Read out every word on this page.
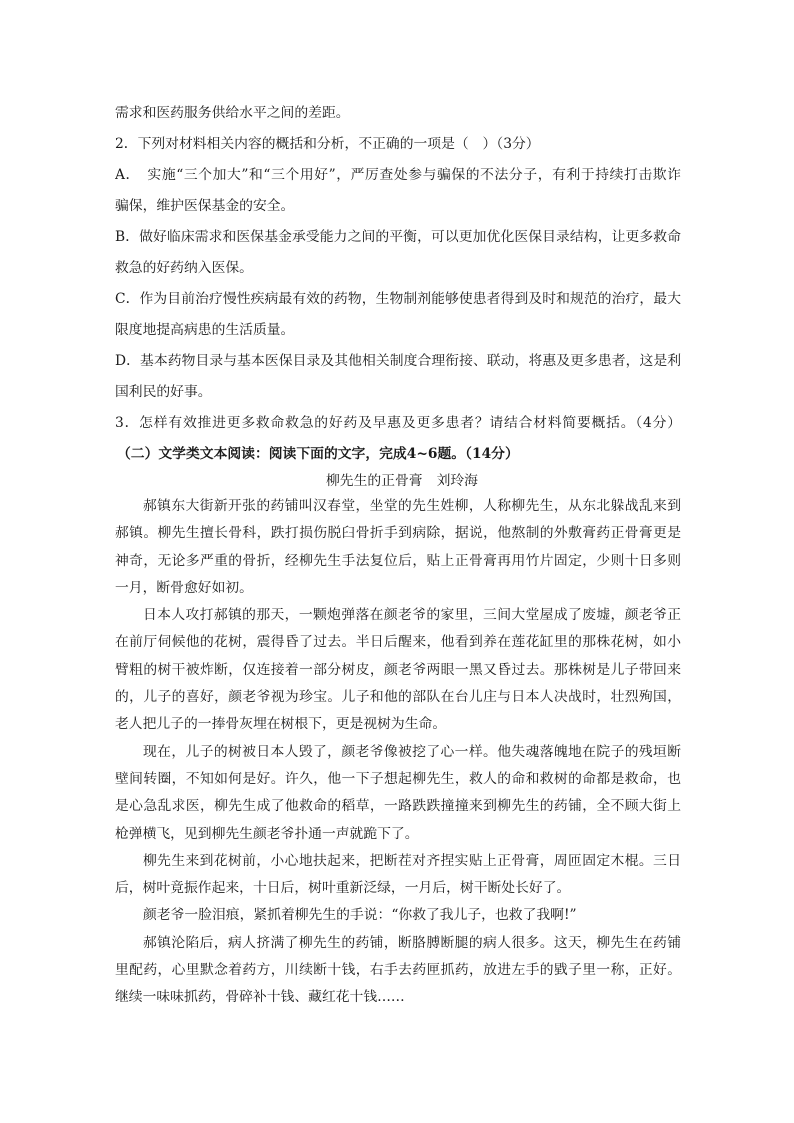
需求和医药服务供给水平之间的差距。
2．下列对材料相关内容的概括和分析，不正确的一项是（　）（3分）
A．　实施“三个加大”和“三个用好”，严厉查处参与骗保的不法分子，有利于持续打击欺诈
骗保，维护医保基金的安全。
B．做好临床需求和医保基金承受能力之间的平衡，可以更加优化医保目录结构，让更多救命
救急的好药纳入医保。
C．作为目前治疗慢性疾病最有效的药物，生物制剂能够使患者得到及时和规范的治疗，最大
限度地提高病患的生活质量。
D．基本药物目录与基本医保目录及其他相关制度合理衔接、联动，将惠及更多患者，这是利
国利民的好事。
3．怎样有效推进更多救命救急的好药及早惠及更多患者？请结合材料简要概括。（4分）
（二）文学类文本阅读：阅读下面的文字，完成4~6题。（14分）
柳先生的正骨膏 刘玲海
郝镇东大街新开张的药铺叫汉春堂，坐堂的先生姓柳，人称柳先生，从东北躲战乱来到
郝镇。柳先生擅长骨科，跌打损伤脱臼骨折手到病除，据说，他熬制的外敷膏药正骨膏更是
神奇，无论多严重的骨折，经柳先生手法复位后，贴上正骨膏再用竹片固定，少则十日多则
一月，断骨愈好如初。
日本人攻打郝镇的那天，一颗炮弹落在颜老爷的家里，三间大堂屋成了废墟，颜老爷正
在前厅伺候他的花树，震得昏了过去。半日后醒来，他看到养在莲花缸里的那株花树，如小
臂粗的树干被炸断，仅连接着一部分树皮，颜老爷两眼一黑又昏过去。那株树是儿子带回来
的，儿子的喜好，颜老爷视为珍宝。儿子和他的部队在台儿庄与日本人决战时，壮烈殉国，
老人把儿子的一捧骨灰埋在树根下，更是视树为生命。
现在，儿子的树被日本人毁了，颜老爷像被挖了心一样。他失魂落魄地在院子的残垣断
壁间转圈，不知如何是好。许久，他一下子想起柳先生，救人的命和救树的命都是救命，也
是心急乱求医，柳先生成了他救命的稻草，一路跌跌撞撞来到柳先生的药铺，全不顾大街上
枪弹横飞，见到柳先生颜老爷扑通一声就跪下了。
柳先生来到花树前，小心地扶起来，把断茬对齐捏实贴上正骨膏，周匝固定木棍。三日
后，树叶竟振作起来，十日后，树叶重新泛绿，一月后，树干断处长好了。
颜老爷一脸泪痕，紧抓着柳先生的手说：“你救了我儿子，也救了我啊!”
郝镇沦陷后，病人挤满了柳先生的药铺，断胳膊断腿的病人很多。这天，柳先生在药铺
里配药，心里默念着药方，川续断十钱，右手去药匣抓药，放进左手的戥子里一称，正好。
继续一味味抓药，骨碎补十钱、藏红花十钱……
